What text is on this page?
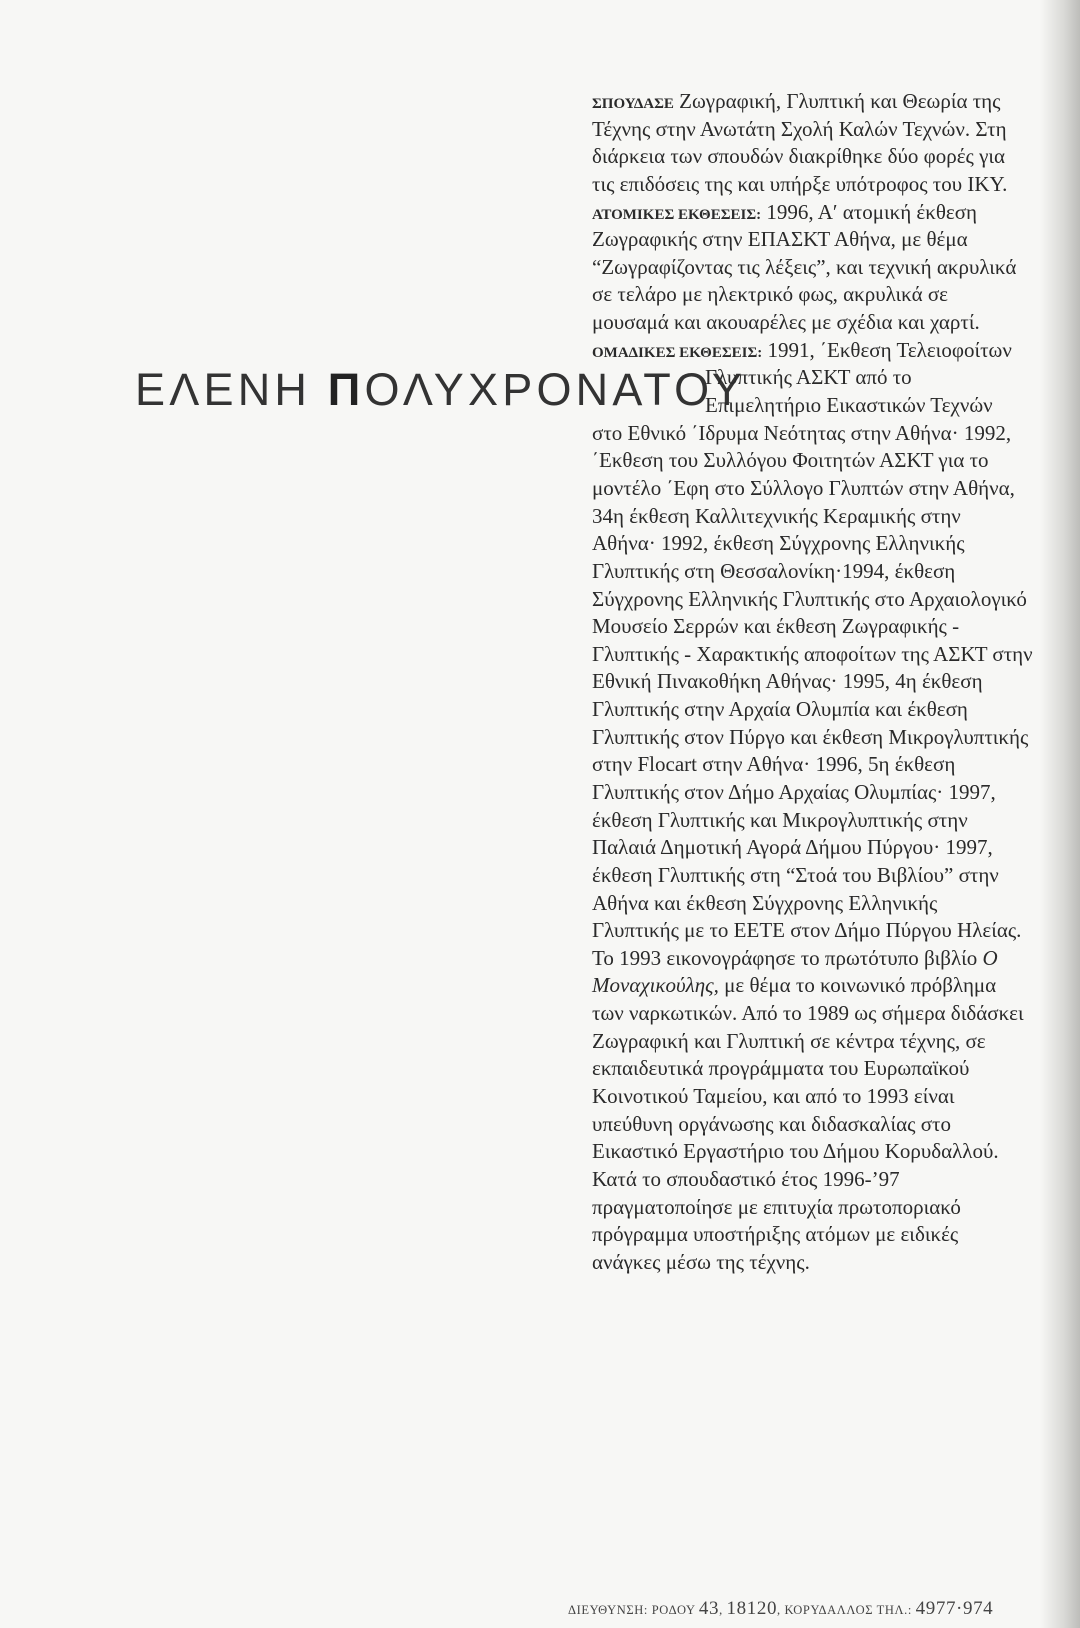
ΕΛΕΝΗ ΠΟΛΥΧΡΟΝΑΤΟΥ
ΣΠΟΥΔΑΣΕ Ζωγραφική, Γλυπτική και Θεωρία της
Τέχνης στην Ανωτάτη Σχολή Καλών Τεχνών. Στη
διάρκεια των σπουδών διακρίθηκε δύο φορές για
τις επιδόσεις της και υπήρξε υπότροφος του ΙΚΥ.
ΑΤΟΜΙΚΕΣ ΕΚΘΕΣΕΙΣ: 1996, Α′ ατομική έκθεση
Ζωγραφικής στην ΕΠΑΣΚΤ Αθήνα, με θέμα
“Ζωγραφίζοντας τις λέξεις”, και τεχνική ακρυλικά
σε τελάρο με ηλεκτρικό φως, ακρυλικά σε
μουσαμά και ακουαρέλες με σχέδια και χαρτί.
ΟΜΑΔΙΚΕΣ ΕΚΘΕΣΕΙΣ: 1991, ΄Εκθεση Τελειοφοίτων
Γλυπτικής ΑΣΚΤ από το
Επιμελητήριο Εικαστικών Τεχνών
στο Εθνικό ΄Ιδρυμα Νεότητας στην Αθήνα· 1992,
΄Εκθεση του Συλλόγου Φοιτητών ΑΣΚΤ για το
μοντέλο ΄Εφη στο Σύλλογο Γλυπτών στην Αθήνα,
34η έκθεση Καλλιτεχνικής Κεραμικής στην
Αθήνα· 1992, έκθεση Σύγχρονης Ελληνικής
Γλυπτικής στη Θεσσαλονίκη·1994, έκθεση
Σύγχρονης Ελληνικής Γλυπτικής στο Αρχαιολογικό
Μουσείο Σερρών και έκθεση Ζωγραφικής -
Γλυπτικής - Χαρακτικής αποφοίτων της ΑΣΚΤ στην
Εθνική Πινακοθήκη Αθήνας· 1995, 4η έκθεση
Γλυπτικής στην Αρχαία Ολυμπία και έκθεση
Γλυπτικής στον Πύργο και έκθεση Μικρογλυπτικής
στην Flocart στην Αθήνα· 1996, 5η έκθεση
Γλυπτικής στον Δήμο Αρχαίας Ολυμπίας· 1997,
έκθεση Γλυπτικής και Μικρογλυπτικής στην
Παλαιά Δημοτική Αγορά Δήμου Πύργου· 1997,
έκθεση Γλυπτικής στη “Στοά του Βιβλίου” στην
Αθήνα και έκθεση Σύγχρονης Ελληνικής
Γλυπτικής με το ΕΕΤΕ στον Δήμο Πύργου Ηλείας.
Το 1993 εικονογράφησε το πρωτότυπο βιβλίο Ο
Μοναχικούλης, με θέμα το κοινωνικό πρόβλημα
των ναρκωτικών. Από το 1989 ως σήμερα διδάσκει
Ζωγραφική και Γλυπτική σε κέντρα τέχνης, σε
εκπαιδευτικά προγράμματα του Ευρωπαϊκού
Κοινοτικού Ταμείου, και από το 1993 είναι
υπεύθυνη οργάνωσης και διδασκαλίας στο
Εικαστικό Εργαστήριο του Δήμου Κορυδαλλού.
Κατά το σπουδαστικό έτος 1996-’97
πραγματοποίησε με επιτυχία πρωτοποριακό
πρόγραμμα υποστήριξης ατόμων με ειδικές
ανάγκες μέσω της τέχνης.
ΔΙΕΥΘΥΝΣΗ: ΡΟΔΟΥ 43, 18120, ΚΟΡΥΔΑΛΛΟΣ ΤΗΛ.: 4977·974
